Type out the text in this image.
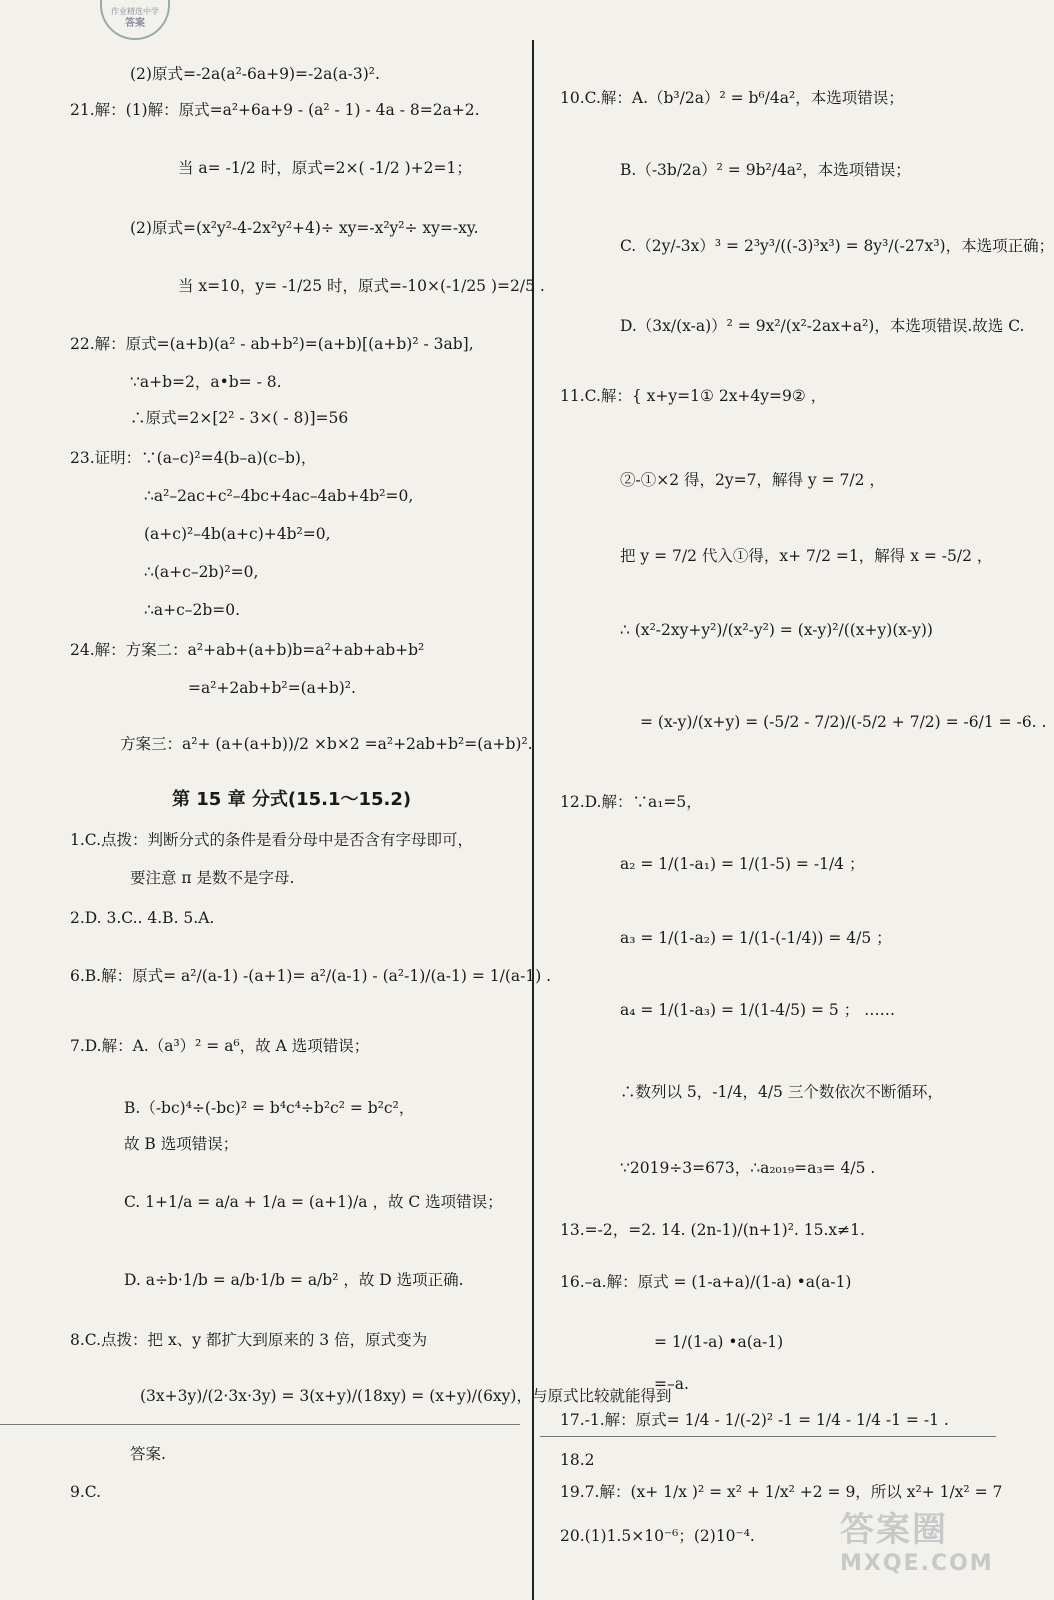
作业精选中学
答案
(2)原式=-2a(a²-6a+9)=-2a(a-3)².
21.解：(1)解：原式=a²+6a+9 - (a² - 1) - 4a - 8=2a+2.
当 a= -1/2 时，原式=2×( -1/2 )+2=1；
(2)原式=(x²y²-4-2x²y²+4)÷ xy=-x²y²÷ xy=-xy.
当 x=10，y= -1/25 时，原式=-10×(-1/25 )=2/5 .
22.解：原式=(a+b)(a² - ab+b²)=(a+b)[(a+b)² - 3ab],
∵a+b=2，a•b= - 8.
∴原式=2×[2² - 3×( - 8)]=56
23.证明：∵(a–c)²=4(b–a)(c–b)，
∴a²–2ac+c²–4bc+4ac–4ab+4b²=0,
(a+c)²–4b(a+c)+4b²=0,
∴(a+c–2b)²=0,
∴a+c–2b=0.
24.解：方案二：a²+ab+(a+b)b=a²+ab+ab+b²
=a²+2ab+b²=(a+b)².
方案三：a²+ (a+(a+b))/2 ×b×2 =a²+2ab+b²=(a+b)².
第 15 章 分式(15.1～15.2)
1.C.点拨：判断分式的条件是看分母中是否含有字母即可，
要注意 π 是数不是字母.
2.D. 3.C.. 4.B. 5.A.
6.B.解：原式= a²/(a-1) -(a+1)= a²/(a-1) - (a²-1)/(a-1) = 1/(a-1) .
7.D.解：A.（a³）² = a⁶，故 A 选项错误；
B.（-bc)⁴÷(-bc)² = b⁴c⁴÷b²c² = b²c²，
故 B 选项错误；
C. 1+1/a = a/a + 1/a = (a+1)/a ，故 C 选项错误；
D. a÷b·1/b = a/b·1/b = a/b² ，故 D 选项正确.
8.C.点拨：把 x、y 都扩大到原来的 3 倍，原式变为
(3x+3y)/(2·3x·3y) = 3(x+y)/(18xy) = (x+y)/(6xy)，与原式比较就能得到
答案.
9.C.
10.C.解：A.（b³/2a）² = b⁶/4a²，本选项错误；
B.（-3b/2a）² = 9b²/4a²，本选项错误；
C.（2y/-3x）³ = 2³y³/((-3)³x³) = 8y³/(-27x³)，本选项正确；
D.（3x/(x-a)）² = 9x²/(x²-2ax+a²)，本选项错误.故选 C.
11.C.解：{ x+y=1① 2x+4y=9② ，
②-①×2 得，2y=7，解得 y = 7/2 ，
把 y = 7/2 代入①得，x+ 7/2 =1，解得 x = -5/2 ，
∴ (x²-2xy+y²)/(x²-y²) = (x-y)²/((x+y)(x-y))
= (x-y)/(x+y) = (-5/2 - 7/2)/(-5/2 + 7/2) = -6/1 = -6. .
12.D.解：∵a₁=5，
a₂ = 1/(1-a₁) = 1/(1-5) = -1/4 ；
a₃ = 1/(1-a₂) = 1/(1-(-1/4)) = 4/5 ；
a₄ = 1/(1-a₃) = 1/(1-4/5) = 5 ； ……
∴数列以 5，-1/4，4/5 三个数依次不断循环，
∵2019÷3=673，∴a₂₀₁₉=a₃= 4/5 .
13.=-2，=2. 14. (2n-1)/(n+1)². 15.x≠1.
16.–a.解：原式 = (1-a+a)/(1-a) •a(a-1)
= 1/(1-a) •a(a-1)
=–a.
17.-1.解：原式= 1/4 - 1/(-2)² -1 = 1/4 - 1/4 -1 = -1 .
18.2
19.7.解：(x+ 1/x )² = x² + 1/x² +2 = 9，所以 x²+ 1/x² = 7
20.(1)1.5×10⁻⁶；(2)10⁻⁴.	答案圈
MXQE.COM
